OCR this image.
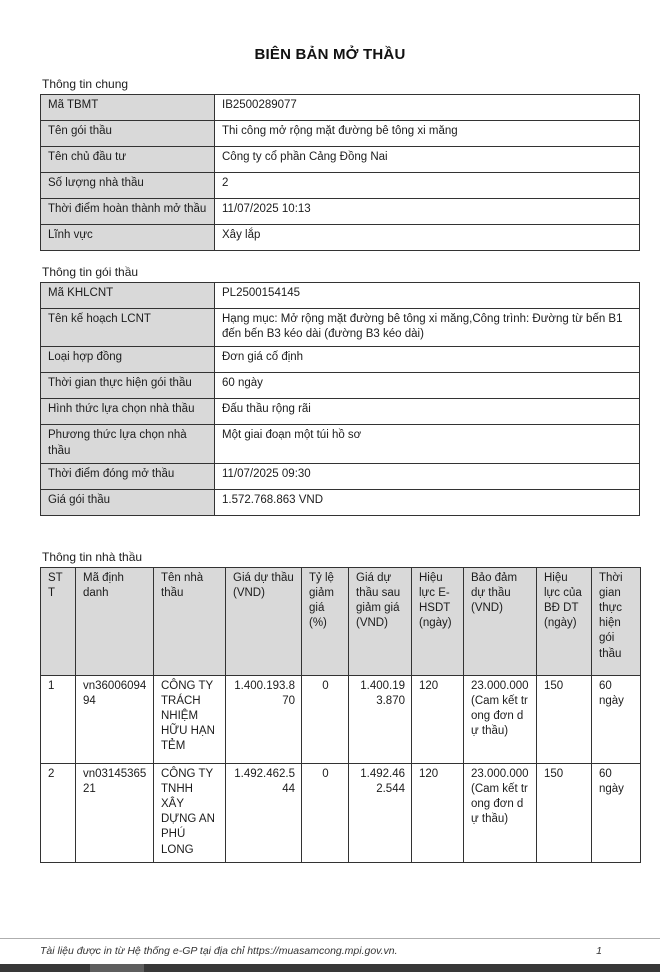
BIÊN BẢN MỞ THẦU
Thông tin chung
Mã TBMT	IB2500289077
Tên gói thầu	Thi công mở rộng mặt đường bê tông xi măng
Tên chủ đầu tư	Công ty cổ phần Cảng Đồng Nai
Số lượng nhà thầu	2
Thời điểm hoàn thành mở thầu	11/07/2025 10:13
Lĩnh vực	Xây lắp
Thông tin gói thầu
Mã KHLCNT	PL2500154145
Tên kế hoạch LCNT	Hạng mục: Mở rộng mặt đường bê tông xi măng,Công trình: Đường từ bến B1 đến bến B3 kéo dài (đường B3 kéo dài)
Loại hợp đồng	Đơn giá cố định
Thời gian thực hiện gói thầu	60 ngày
Hình thức lựa chọn nhà thầu	Đấu thầu rộng rãi
Phương thức lựa chọn nhà thầu	Một giai đoạn một túi hồ sơ
Thời điểm đóng mở thầu	11/07/2025 09:30
Giá gói thầu	1.572.768.863 VND
Thông tin nhà thầu
STT	Mã định danh	Tên nhà thầu	Giá dự thầu (VND)	Tỷ lệ giảm giá (%)	Giá dự thầu sau giảm giá (VND)	Hiệu lực E-HSDT (ngày)	Bảo đảm dự thầu (VND)	Hiệu lực của BĐ DT (ngày)	Thời gian thực hiện gói thầu
1	vn3600609494	CÔNG TY TRÁCH NHIỆM HỮU HẠN TẺM	1.400.193.870	0	1.400.193.870	120	23.000.000 (Cam kết trong đơn dự thầu)	150	60 ngày
2	vn0314536521	CÔNG TY TNHH XÂY DỰNG AN PHÚ LONG	1.492.462.544	0	1.492.462.544	120	23.000.000 (Cam kết trong đơn dự thầu)	150	60 ngày
Tài liệu được in từ Hệ thống e-GP tại địa chỉ https://muasamcong.mpi.gov.vn.	1
